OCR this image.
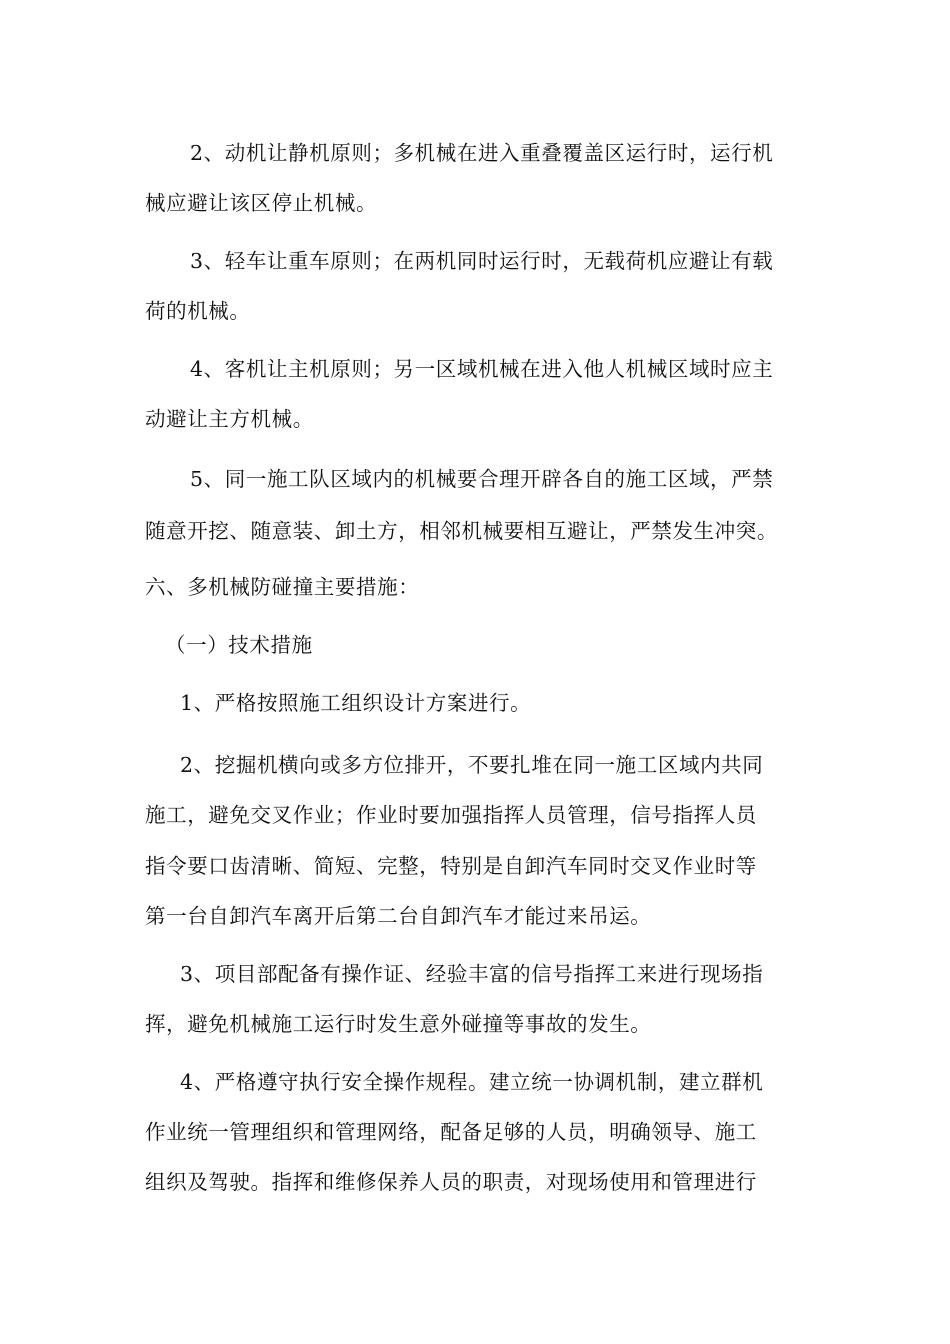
2、动机让静机原则；多机械在进入重叠覆盖区运行时，运行机
械应避让该区停止机械。
3、轻车让重车原则；在两机同时运行时，无载荷机应避让有载
荷的机械。
4、客机让主机原则；另一区域机械在进入他人机械区域时应主
动避让主方机械。
5、同一施工队区域内的机械要合理开辟各自的施工区域，严禁
随意开挖、随意装、卸土方，相邻机械要相互避让，严禁发生冲突。
六、多机械防碰撞主要措施：
（一）技术措施
1、严格按照施工组织设计方案进行。
2、挖掘机横向或多方位排开，不要扎堆在同一施工区域内共同
施工，避免交叉作业；作业时要加强指挥人员管理，信号指挥人员
指令要口齿清晰、简短、完整，特别是自卸汽车同时交叉作业时等
第一台自卸汽车离开后第二台自卸汽车才能过来吊运。
3、项目部配备有操作证、经验丰富的信号指挥工来进行现场指
挥，避免机械施工运行时发生意外碰撞等事故的发生。
4、严格遵守执行安全操作规程。建立统一协调机制，建立群机
作业统一管理组织和管理网络，配备足够的人员，明确领导、施工
组织及驾驶。指挥和维修保养人员的职责，对现场使用和管理进行
